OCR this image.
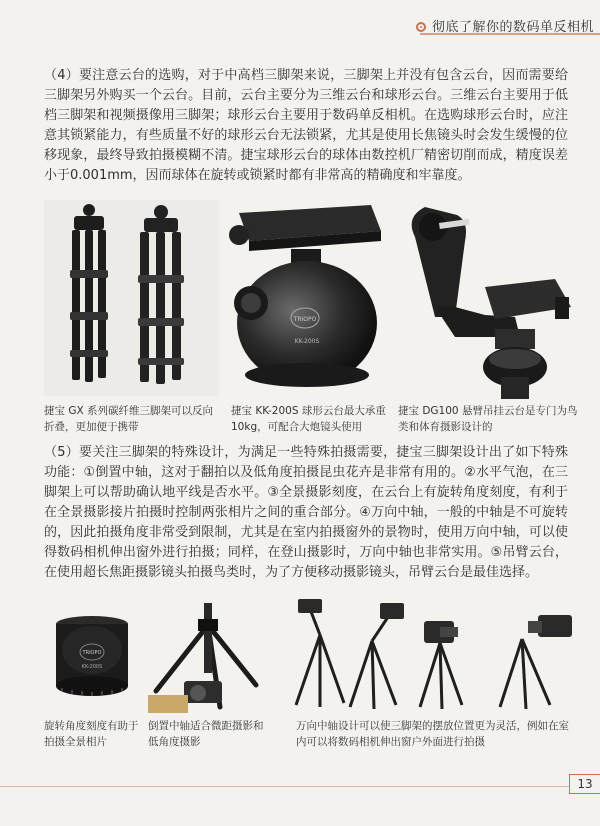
彻底了解你的数码单反相机

（4）要注意云台的选购，对于中高档三脚架来说，三脚架上并没有包含云台，因而需要给三脚架另外购买一个云台。目前，云台主要分为三维云台和球形云台。三维云台主要用于低档三脚架和视频摄像用三脚架；球形云台主要用于数码单反相机。在选购球形云台时，应注意其锁紧能力，有些质量不好的球形云台无法锁紧，尤其是使用长焦镜头时会发生缓慢的位移现象，最终导致拍摄模糊不清。捷宝球形云台的球体由数控机厂精密切削而成，精度误差小于0.001mm，因而球体在旋转或锁紧时都有非常高的精确度和牢靠度。

TRIOPO
KK-200S

捷宝 GX 系列碳纤维三脚架可以反向折叠，更加便于携带

捷宝 KK-200S 球形云台最大承重10kg，可配合大炮镜头使用

捷宝 DG100 悬臂吊挂云台是专门为鸟类和体育摄影设计的

（5）要关注三脚架的特殊设计，为满足一些特殊拍摄需要，捷宝三脚架设计出了如下特殊功能：①倒置中轴，这对于翻拍以及低角度拍摄昆虫花卉是非常有用的。②水平气泡，在三脚架上可以帮助确认地平线是否水平。③全景摄影刻度，在云台上有旋转角度刻度，有利于在全景摄影接片拍摄时控制两张相片之间的重合部分。④万向中轴，一般的中轴是不可旋转的，因此拍摄角度非常受到限制，尤其是在室内拍摄窗外的景物时，使用万向中轴，可以使得数码相机伸出窗外进行拍摄；同样，在登山摄影时，万向中轴也非常实用。⑤吊臂云台，在使用超长焦距摄影镜头拍摄鸟类时，为了方便移动摄影镜头，吊臂云台是最佳选择。

TRIOPO
KK-200S

旋转角度刻度有助于拍摄全景相片

倒置中轴适合微距摄影和低角度摄影

万向中轴设计可以使三脚架的摆放位置更为灵活，例如在室内可以将数码相机伸出窗户外面进行拍摄

13
